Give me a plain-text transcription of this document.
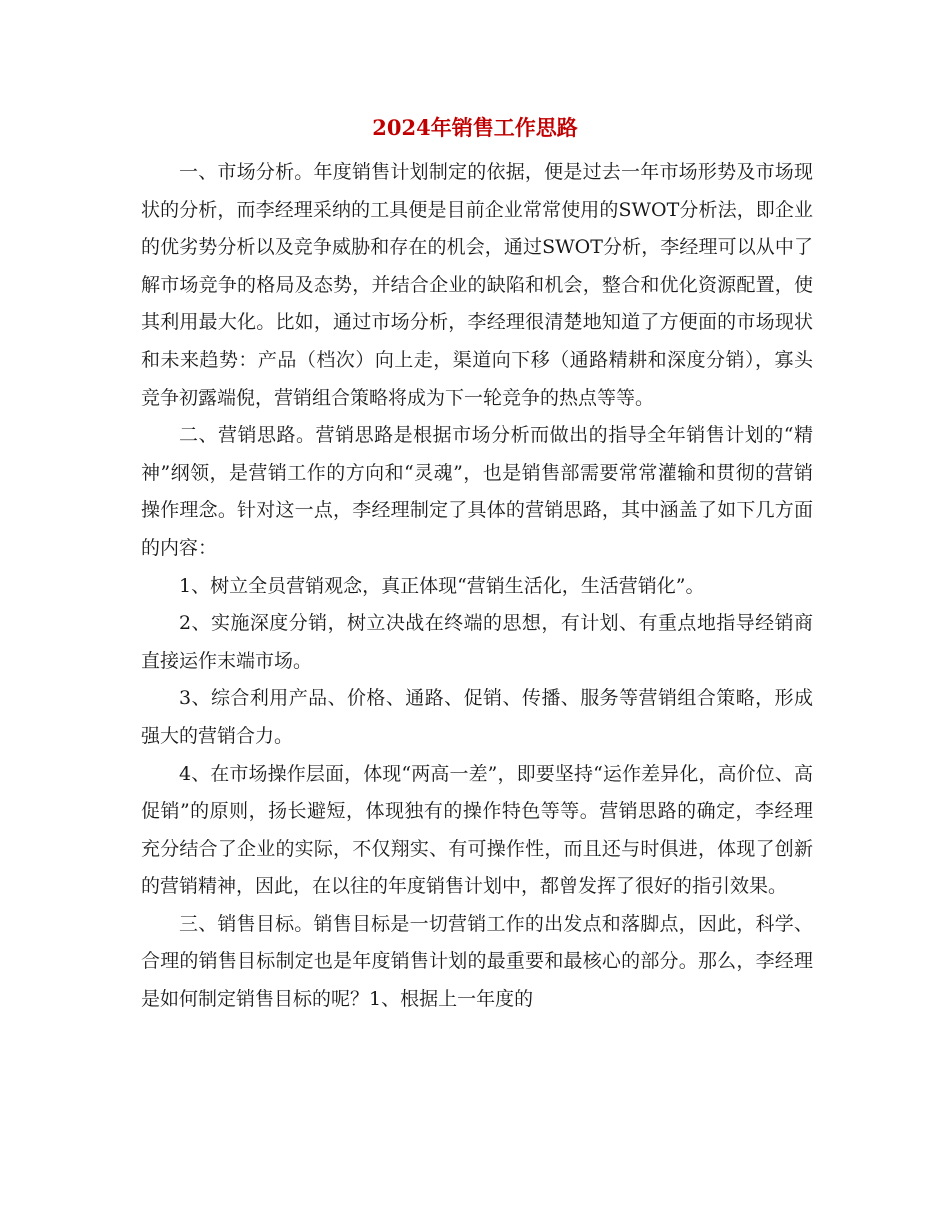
2024年销售工作思路

一、市场分析。年度销售计划制定的依据，便是过去一年市场形势及市场现状的分析，而李经理采纳的工具便是目前企业常常使用的SWOT分析法，即企业的优劣势分析以及竞争威胁和存在的机会，通过SWOT分析，李经理可以从中了解市场竞争的格局及态势，并结合企业的缺陷和机会，整合和优化资源配置，使其利用最大化。比如，通过市场分析，李经理很清楚地知道了方便面的市场现状和未来趋势：产品（档次）向上走，渠道向下移（通路精耕和深度分销），寡头竞争初露端倪，营销组合策略将成为下一轮竞争的热点等等。

二、营销思路。营销思路是根据市场分析而做出的指导全年销售计划的“精神”纲领，是营销工作的方向和“灵魂”，也是销售部需要常常灌输和贯彻的营销操作理念。针对这一点，李经理制定了具体的营销思路，其中涵盖了如下几方面的内容：

1、树立全员营销观念，真正体现“营销生活化，生活营销化”。

2、实施深度分销，树立决战在终端的思想，有计划、有重点地指导经销商直接运作末端市场。

3、综合利用产品、价格、通路、促销、传播、服务等营销组合策略，形成强大的营销合力。

4、在市场操作层面，体现“两高一差”，即要坚持“运作差异化，高价位、高促销”的原则，扬长避短，体现独有的操作特色等等。营销思路的确定，李经理充分结合了企业的实际，不仅翔实、有可操作性，而且还与时俱进，体现了创新的营销精神，因此，在以往的年度销售计划中，都曾发挥了很好的指引效果。

三、销售目标。销售目标是一切营销工作的出发点和落脚点，因此，科学、合理的销售目标制定也是年度销售计划的最重要和最核心的部分。那么，李经理是如何制定销售目标的呢？1、根据上一年度的
